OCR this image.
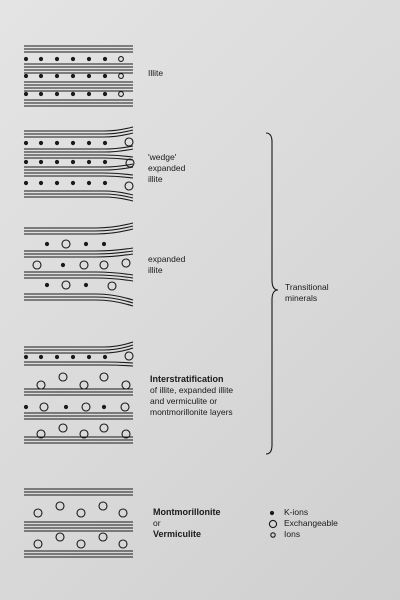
Illite
'wedge'
expanded
illite
expanded
illite
Transitional
minerals
Interstratification
of illite, expanded illite
and vermiculite or
montmorillonite layers
Montmorillonite
or
Vermiculite
K-ions
Exchangeable
Ions
